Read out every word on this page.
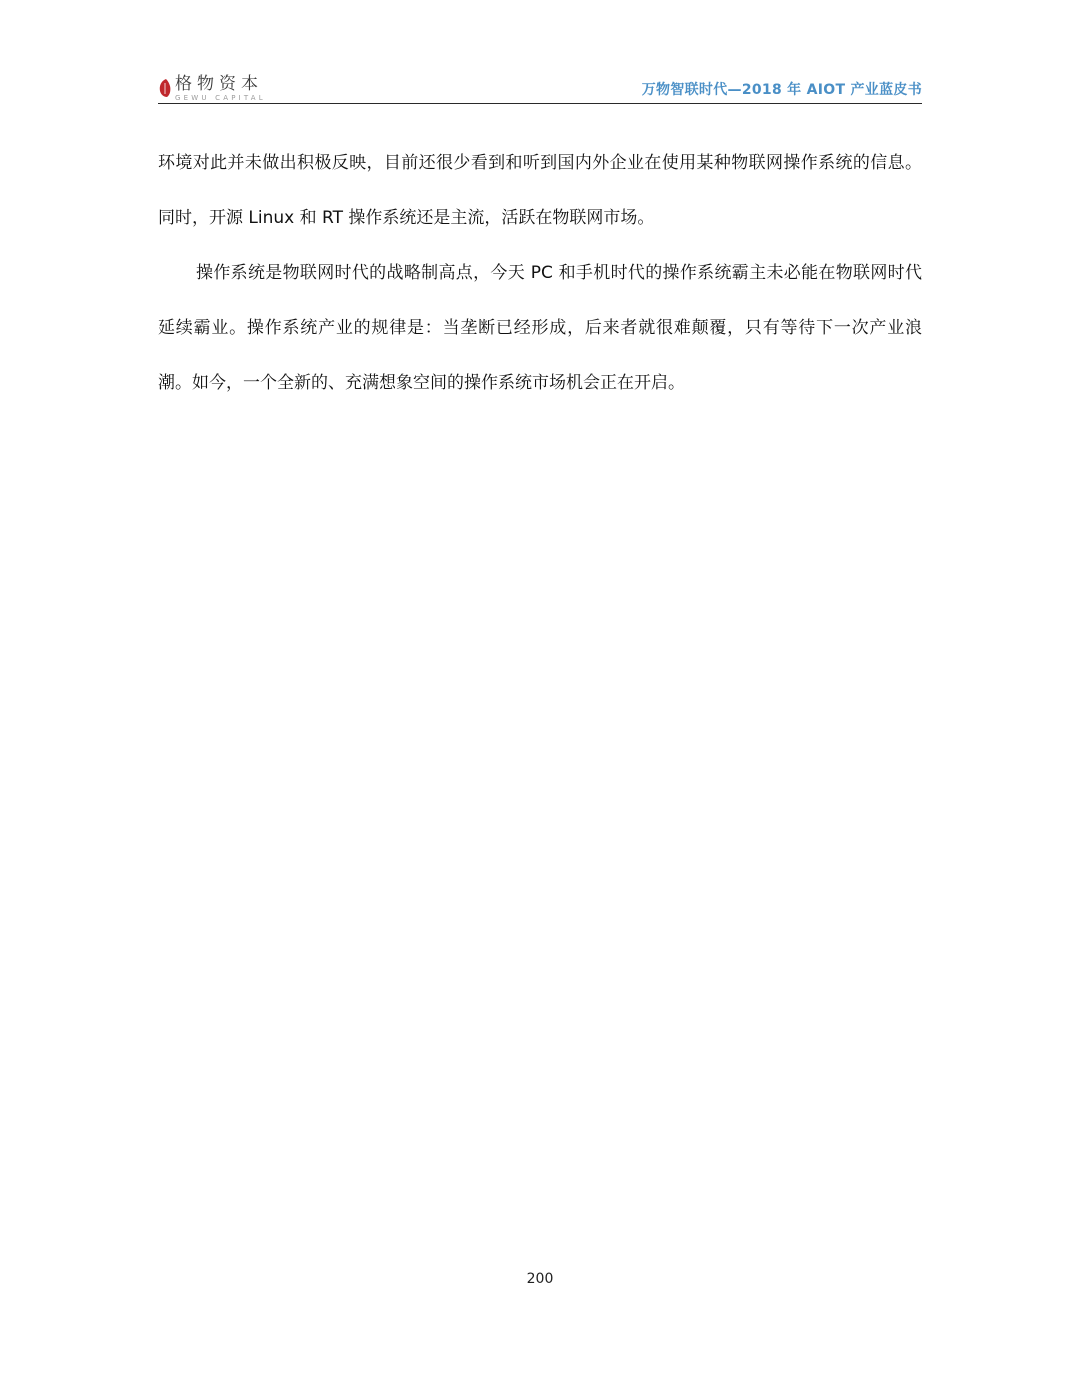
格物资本
GEWU CAPITAL	万物智联时代—2018 年 AIOT 产业蓝皮书

环境对此并未做出积极反映，目前还很少看到和听到国内外企业在使用某种物联网操作系统的信息。同时，开源 Linux 和 RT 操作系统还是主流，活跃在物联网市场。

操作系统是物联网时代的战略制高点，今天 PC 和手机时代的操作系统霸主未必能在物联网时代延续霸业。操作系统产业的规律是：当垄断已经形成，后来者就很难颠覆，只有等待下一次产业浪潮。如今，一个全新的、充满想象空间的操作系统市场机会正在开启。

200
